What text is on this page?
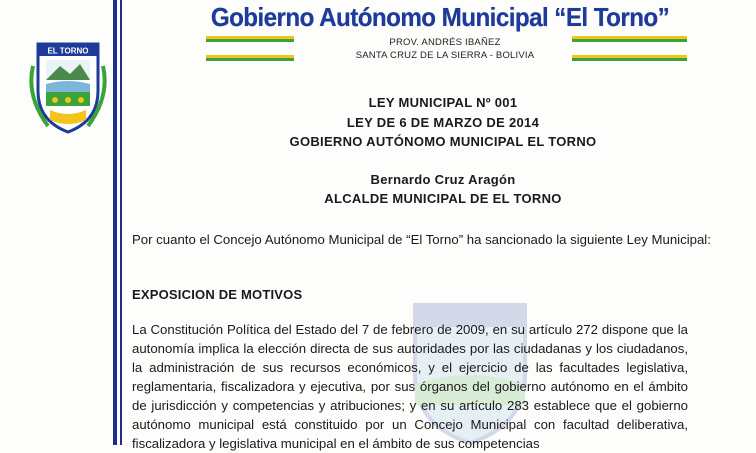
EL TORNO
Gobierno Autónomo Municipal “El Torno”
PROV. ANDRÉS IBAÑEZ
SANTA CRUZ DE LA SIERRA - BOLIVIA
LEY MUNICIPAL Nº 001
LEY DE 6 DE MARZO DE 2014
GOBIERNO AUTÓNOMO MUNICIPAL EL TORNO
Bernardo Cruz Aragón
ALCALDE MUNICIPAL DE EL TORNO
Por cuanto el Concejo Autónomo Municipal de “El Torno” ha sancionado la siguiente Ley Municipal:
EXPOSICION DE MOTIVOS
La Constitución Política del Estado del 7 de febrero de 2009, en su artículo 272 dispone que la autonomía implica la elección directa de sus autoridades por las ciudadanas y los ciudadanos, la administración de sus recursos económicos, y el ejercicio de las facultades legislativa, reglamentaria, fiscalizadora y ejecutiva, por sus órganos del gobierno autónomo en el ámbito de jurisdicción y competencias y atribuciones; y en su artículo 283 establece que el gobierno autónomo municipal está constituido por un Concejo Municipal con facultad deliberativa, fiscalizadora y legislativa municipal en el ámbito de sus competencias
